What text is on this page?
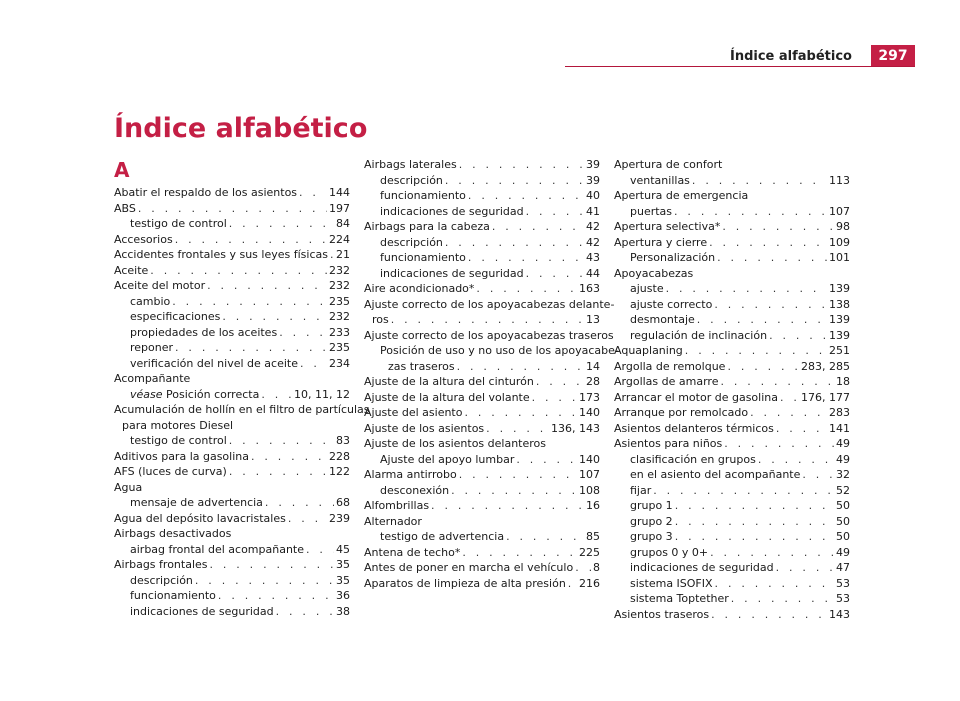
Índice alfabético	297
Índice alfabético
A
Abatir el respaldo de los asientos . . .	144
ABS . . .	197
testigo de control . . .	84
Accesorios . . .	224
Accidentes frontales y sus leyes físicas . . . 21
Aceite . . .	232
Aceite del motor . . .	232
cambio . . .	235
especificaciones . . .	232
propiedades de los aceites . . .	233
reponer . . .	235
verificación del nivel de aceite . . .	234
Acompañante
véase Posición correcta . . .	10, 11, 12
Acumulación de hollín en el filtro de partículas
para motores Diesel
testigo de control . . .	83
Aditivos para la gasolina . . .	228
AFS (luces de curva) . . .	122
Agua
mensaje de advertencia . . .	68
Agua del depósito lavacristales . . .	239
Airbags desactivados
airbag frontal del acompañante . . .	45
Airbags frontales . . .	35
descripción . . .	35
funcionamiento . . .	36
indicaciones de seguridad . . .	38
Airbags laterales . . .	39
descripción . . .	39
funcionamiento . . .	40
indicaciones de seguridad . . .	41
Airbags para la cabeza . . .	42
descripción . . .	42
funcionamiento . . .	43
indicaciones de seguridad . . .	44
Aire acondicionado* . . .	163
Ajuste correcto de los apoyacabezas delante-
ros . . .	13
Ajuste correcto de los apoyacabezas traseros
Posición de uso y no uso de los apoyacabe-
zas traseros . . .	14
Ajuste de la altura del cinturón . . .	28
Ajuste de la altura del volante . . .	173
Ajuste del asiento . . .	140
Ajuste de los asientos . . .	136, 143
Ajuste de los asientos delanteros
Ajuste del apoyo lumbar . . .	140
Alarma antirrobo . . .	107
desconexión . . .	108
Alfombrillas . . .	16
Alternador
testigo de advertencia . . .	85
Antena de techo* . . .	225
Antes de poner en marcha el vehículo . . . 8
Aparatos de limpieza de alta presión . . . 216
Apertura de confort
ventanillas . . .	113
Apertura de emergencia
puertas . . .	107
Apertura selectiva* . . .	98
Apertura y cierre . . .	109
Personalización . . .	101
Apoyacabezas
ajuste . . .	139
ajuste correcto . . .	138
desmontaje . . .	139
regulación de inclinación . . .	139
Aquaplaning . . .	251
Argolla de remolque . . .	283, 285
Argollas de amarre . . .	18
Arrancar el motor de gasolina . . . 176, 177
Arranque por remolcado . . .	283
Asientos delanteros térmicos . . .	141
Asientos para niños . . .	49
clasificación en grupos . . .	49
en el asiento del acompañante . . .	32
fijar . . .	52
grupo 1 . . .	50
grupo 2 . . .	50
grupo 3 . . .	50
grupos 0 y 0+ . . .	49
indicaciones de seguridad . . .	47
sistema ISOFIX . . .	53
sistema Toptether . . .	53
Asientos traseros . . .	143
